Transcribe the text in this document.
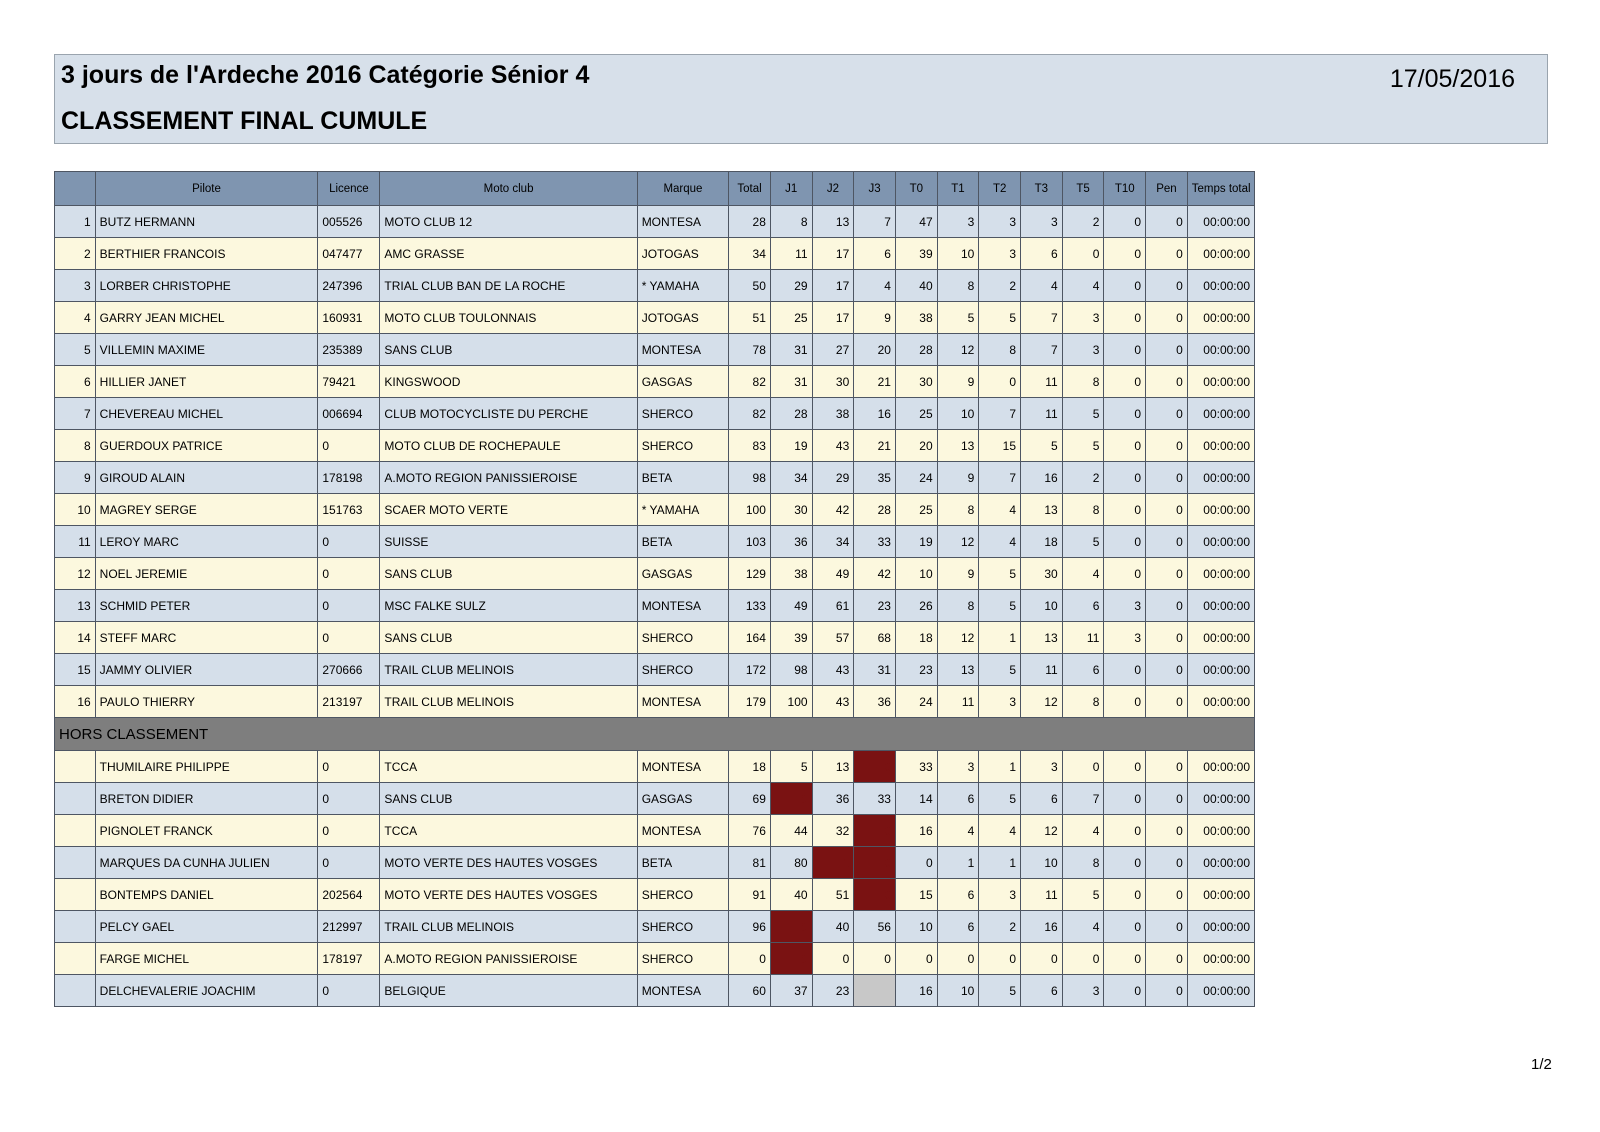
3 jours de l'Ardeche 2016 Catégorie Sénior 4
CLASSEMENT FINAL CUMULE
17/05/2016
	Pilote	Licence	Moto club	Marque	Total	J1	J2	J3	T0	T1	T2	T3	T5	T10	Pen	Temps total
1	BUTZ HERMANN	005526	MOTO CLUB 12	MONTESA	28	8	13	7	47	3	3	3	2	0	0	00:00:00
2	BERTHIER FRANCOIS	047477	AMC GRASSE	JOTOGAS	34	11	17	6	39	10	3	6	0	0	0	00:00:00
3	LORBER CHRISTOPHE	247396	TRIAL CLUB BAN DE LA ROCHE	* YAMAHA	50	29	17	4	40	8	2	4	4	0	0	00:00:00
4	GARRY JEAN MICHEL	160931	MOTO CLUB TOULONNAIS	JOTOGAS	51	25	17	9	38	5	5	7	3	0	0	00:00:00
5	VILLEMIN MAXIME	235389	SANS CLUB	MONTESA	78	31	27	20	28	12	8	7	3	0	0	00:00:00
6	HILLIER JANET	79421	KINGSWOOD	GASGAS	82	31	30	21	30	9	0	11	8	0	0	00:00:00
7	CHEVEREAU MICHEL	006694	CLUB MOTOCYCLISTE DU PERCHE	SHERCO	82	28	38	16	25	10	7	11	5	0	0	00:00:00
8	GUERDOUX PATRICE	0	MOTO CLUB DE ROCHEPAULE	SHERCO	83	19	43	21	20	13	15	5	5	0	0	00:00:00
9	GIROUD ALAIN	178198	A.MOTO REGION PANISSIEROISE	BETA	98	34	29	35	24	9	7	16	2	0	0	00:00:00
10	MAGREY SERGE	151763	SCAER MOTO VERTE	* YAMAHA	100	30	42	28	25	8	4	13	8	0	0	00:00:00
11	LEROY MARC	0	SUISSE	BETA	103	36	34	33	19	12	4	18	5	0	0	00:00:00
12	NOEL JEREMIE	0	SANS CLUB	GASGAS	129	38	49	42	10	9	5	30	4	0	0	00:00:00
13	SCHMID PETER	0	MSC FALKE SULZ	MONTESA	133	49	61	23	26	8	5	10	6	3	0	00:00:00
14	STEFF MARC	0	SANS CLUB	SHERCO	164	39	57	68	18	12	1	13	11	3	0	00:00:00
15	JAMMY OLIVIER	270666	TRAIL CLUB MELINOIS	SHERCO	172	98	43	31	23	13	5	11	6	0	0	00:00:00
16	PAULO THIERRY	213197	TRAIL CLUB MELINOIS	MONTESA	179	100	43	36	24	11	3	12	8	0	0	00:00:00
HORS CLASSEMENT																
	THUMILAIRE PHILIPPE	0	TCCA	MONTESA	18	5	13	0	33	3	1	3	0	0	0	00:00:00
	BRETON DIDIER	0	SANS CLUB	GASGAS	69	0	36	33	14	6	5	6	7	0	0	00:00:00
	PIGNOLET FRANCK	0	TCCA	MONTESA	76	44	32	0	16	4	4	12	4	0	0	00:00:00
	MARQUES DA CUNHA JULIEN	0	MOTO VERTE DES HAUTES VOSGES	BETA	81	80	1	0	0	1	1	10	8	0	0	00:00:00
	BONTEMPS DANIEL	202564	MOTO VERTE DES HAUTES VOSGES	SHERCO	91	40	51	0	15	6	3	11	5	0	0	00:00:00
	PELCY GAEL	212997	TRAIL CLUB MELINOIS	SHERCO	96	0	40	56	10	6	2	16	4	0	0	00:00:00
	FARGE MICHEL	178197	A.MOTO REGION PANISSIEROISE	SHERCO	0	0	0	0	0	0	0	0	0	0	0	00:00:00
	DELCHEVALERIE JOACHIM	0	BELGIQUE	MONTESA	60	37	23		16	10	5	6	3	0	0	00:00:00
1/2
